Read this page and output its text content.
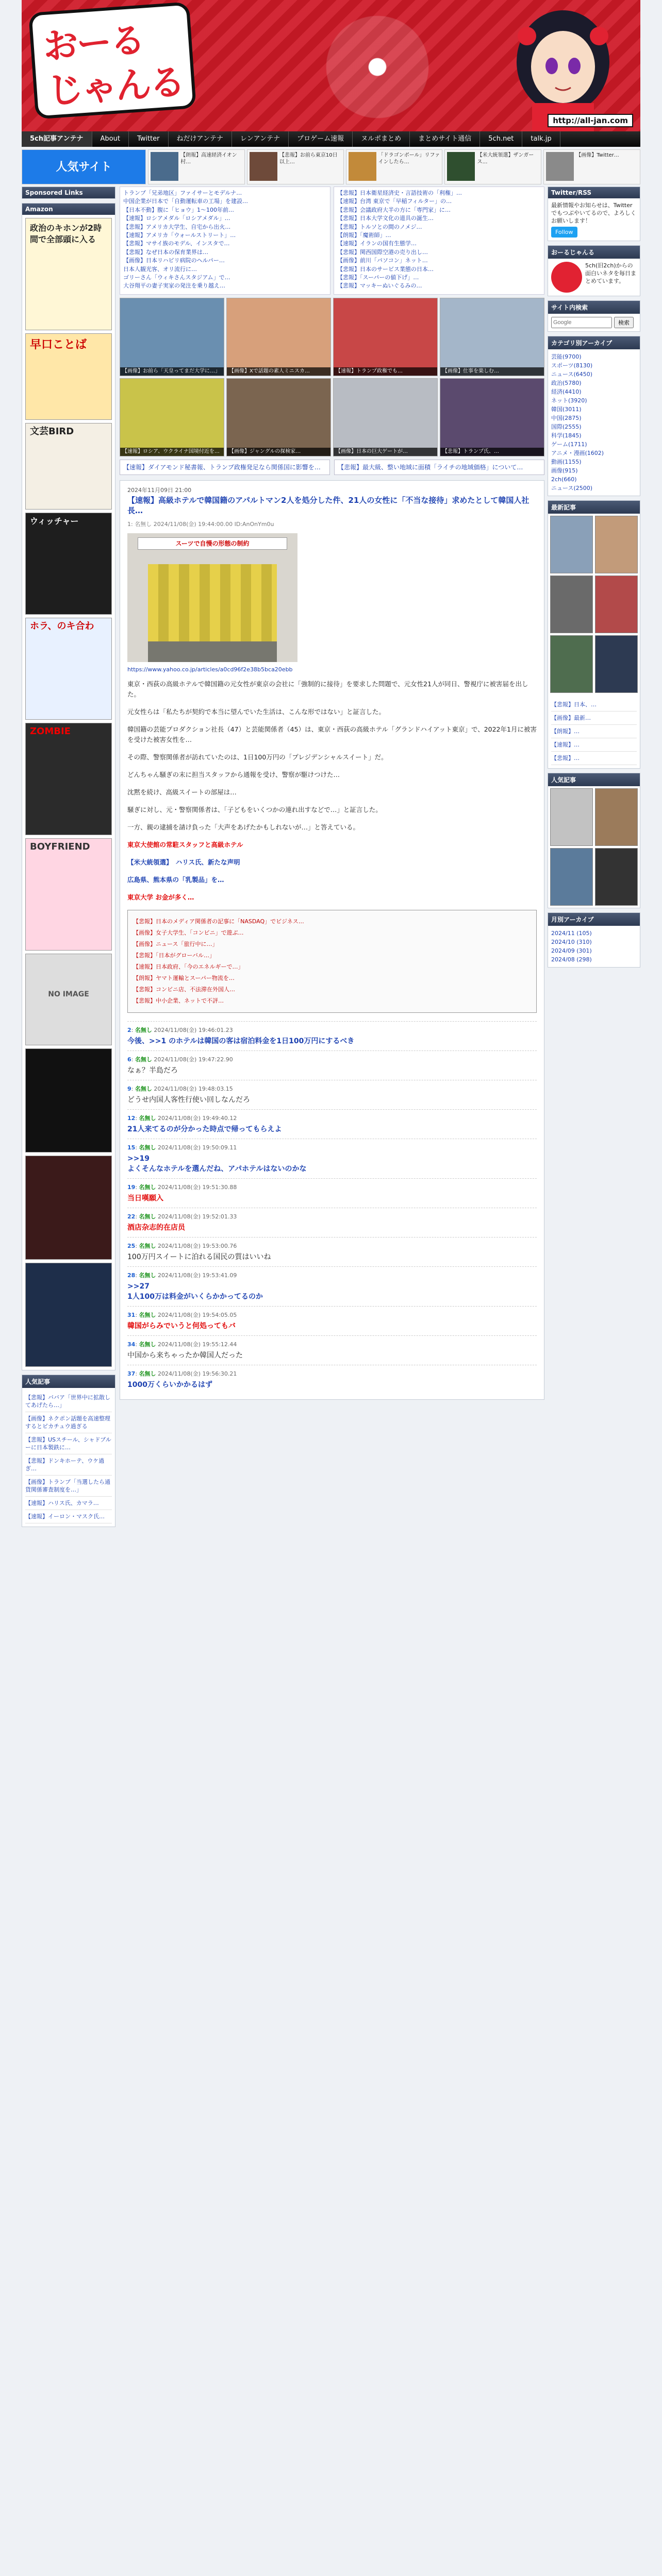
おーる
じゃんる
http://all-jan.com
5ch記事アンテナ	About	Twitter	ねだけアンテナ	レンアンテナ	プロゲーム速報	ヌルポまとめ	まとめサイト通信	5ch.net	talk.jp
人気サイト
【朗報】高速経済イオン村…
【悲報】お前ら東京10日以上…
「ドラゴンボール」リファインしたら…
【米大統領選】ザンガース…
【画像】Twitter…
Sponsored Links
Amazon
政治のキホンが2時間で全部頭に入る
早口ことば
文芸BIRD
ウィッチャー
ホラ、のキ合わ
ZOMBIE
BOYFRIEND
NO IMAGE
人気記事
【悲報】ババア「世界中に拡散してあげたら…」
【画像】ネクポン話題を高速整理するとピカチュウ過ぎる
【悲報】USスチール、シャドブルーに日本製鉄に…
【悲報】ドンキホーテ、ウケ過ぎ…
【画像】トランプ「当選したら通貨関係審査制度を…」
【速報】ハリス氏、カマラ…
【速報】イーロン・マスク氏…
トランプ「兄弟地区」ファイサーとモデルナ…
中国企業が日本で「自動運転車の工場」を建設…
【日本不動】腹に「ヒョウ」1～100年前…
【速報】ロシアメダル「ロシアメダル」…
【悲報】アメリカ大学生、自宅から出火…
【速報】アメリカ「ウォールストリート」…
【悲報】マサイ族のモデル、インスタで…
【悲報】なぜ日本の保育業界は…
【画像】日本リハビリ病院のヘルパー…
日本人観光客、オリ流行に…
ゴリーさん「ウィキさんスタジアム」で…
大谷翔平の妻子実家の発注を乗り越え…
【悲報】日本衛星経済史・言語技術の「利権」…
【速報】台湾 東京で「早稲フィルター」の…
【悲報】会議政府大半の方に「専門家」に…
【悲報】日本大学文化の道具の誕生…
【悲報】トルソとの間のノメジ…
【朗報】「魔術師」…
【速報】イランの国有生態学…
【悲報】関西国際空港の売り出し…
【画像】前川「パソコン」ネット…
【悲報】日本のサービス業態の日本…
【悲報】「スーパーの値下げ」…
【悲報】マッキーぬいぐるみの…
【画像】お前ら「天皇ってまだ大学に…」	【画像】Xで話題の素人ミニスカ…	【速報】トランプ政権でも…	【画像】仕事を楽しむ…
【速報】ロシア、ウクライナ国境付近を…	【画像】ジャングルの探検家…	【画像】日本の巨大ゲートが…	【悲報】トランプ氏、…
【速報】ダイアモンド秘書報、トランプ政権発足なら関係国に影響を…	【悲報】最大級、整い地域に面積「ライチの地域価格」について…
2024年11月09日 21:00
【速報】高級ホテルで韓国籍のアパルトマン2人を処分した件、21人の女性に「不当な接待」求めたとして韓国人社長…
1: 名無し 2024/11/08(金) 19:44:00.00 ID:AnOnYm0u
スーツで自慢の形態の制約
https://www.yahoo.co.jp/articles/a0cd96f2e38b5bca20ebb

東京・西荻の高級ホテルで韓国籍の元女性が東京の会社に「強制的に接待」を要求した問題で、元女性21人が同日、警視庁に被害届を出した。

元女性らは「私たちが契約で本当に望んでいた生活は、こんな形ではない」と証言した。

韓国籍の芸能プロダクション社長（47）と芸能関係者（45）は、東京・西荻の高級ホテル「グランドハイアット東京」で、2022年1月に被害を受けた被害女性を…

その際、警察関係者が訪れていたのは、1日100万円の「プレジデンシャルスイート」だ。

どんちゃん騒ぎの末に担当スタッフから通報を受け、警察が駆けつけた…

沈黙を続け、高級スイートの部屋は…

騒ぎに対し、元・警察関係者は、「子どもをいくつかの連れ出すなどで…」と証言した。

一方、親の逮捕を請け負った「大声をあげたかもしれないが…」と答えている。

東京大使館の常駐スタッフと高級ホテル　

【米大統領選】　ハリス氏、新たな声明　

広島県、熊本県の「乳製品」を…

東京大学 お金が多く…

【悲報】日本のメディア関係者の記事に「NASDAQ」でビジネス…
【画像】女子大学生、「コンビニ」で遊ぶ…
【画像】ニュース「旅行中に…」
【悲報】「日本がグローバル…」
【速報】日本政府、「今のエネルギーで…」
【朗報】ヤマト運輸とスーパー物流を…
【悲報】コンビニ店、不法滞在外国人…
【悲報】中小企業、ネットで不評…
2: 名無し 2024/11/08(金) 19:46:01.23
今後、>>1 のホテルは韓国の客は宿泊料金を1日100万円にするべき
6: 名無し 2024/11/08(金) 19:47:22.90
なぁ？半島だろ
9: 名無し 2024/11/08(金) 19:48:03.15
どうせ内国人客性行使い回しなんだろ
12: 名無し 2024/11/08(金) 19:49:40.12
21人来てるのが分かった時点で帰ってもらえよ
15: 名無し 2024/11/08(金) 19:50:09.11
>>19
よくそんなホテルを選んだね、アパホテルはないのかな
19: 名無し 2024/11/08(金) 19:51:30.88
当日嘆願入
22: 名無し 2024/11/08(金) 19:52:01.33
酒店杂志的在店员
25: 名無し 2024/11/08(金) 19:53:00.76
100万円スイートに泊れる国民の質はいいね
28: 名無し 2024/11/08(金) 19:53:41.09
>>27
1人100万は料金がいくらかかってるのか
31: 名無し 2024/11/08(金) 19:54:05.05
韓国がらみでいうと何処ってもバ
34: 名無し 2024/11/08(金) 19:55:12.44
中国から来ちゃったか韓国人だった
37: 名無し 2024/11/08(金) 19:56:30.21
1000万くらいかかるはず
Twitter/RSS
最新情報やお知らせは、Twitter でもつぶやいてるので、よろしくお願いします！
Follow
おーるじゃんる
5ch(旧2ch)からの面白いネタを毎日まとめています。
サイト内検索
Google
検索
カテゴリ別アーカイブ
芸能(9700)
スポーツ(8130)
ニュース(6450)
政治(5780)
経済(4410)
ネット(3920)
韓国(3011)
中国(2875)
国際(2555)
科学(1845)
ゲーム(1711)
アニメ・漫画(1602)
動画(1155)
画像(915)
2ch(660)
ニュース(2500)
最新記事
【悲報】日本、…
【画像】最新…
【朗報】…
【速報】…
【悲報】…
人気記事
月別アーカイブ
2024/11 (105)
2024/10 (310)
2024/09 (301)
2024/08 (298)
